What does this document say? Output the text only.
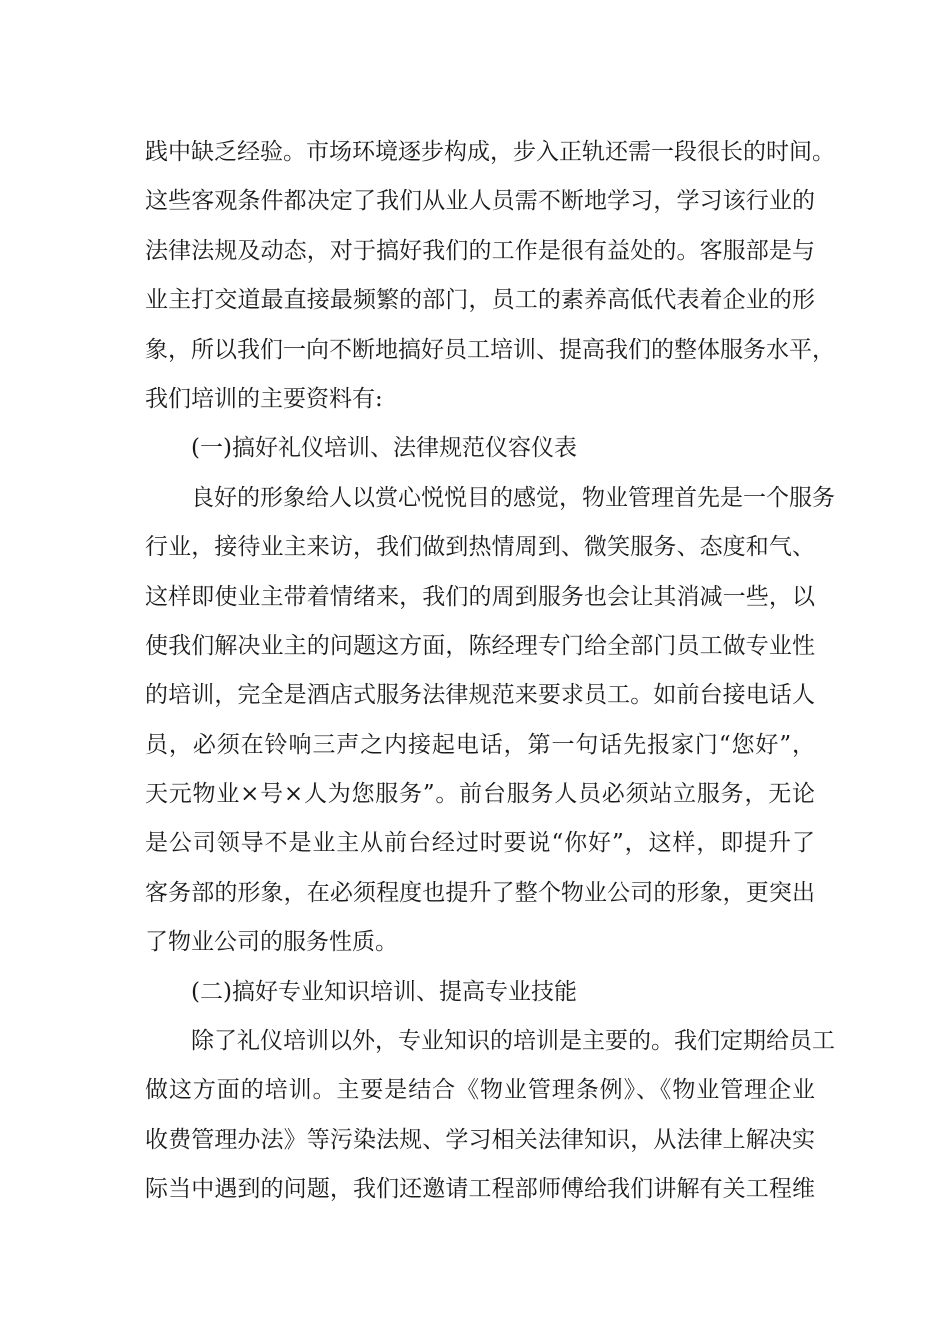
践中缺乏经验。市场环境逐步构成，步入正轨还需一段很长的时间。
这些客观条件都决定了我们从业人员需不断地学习，学习该行业的
法律法规及动态，对于搞好我们的工作是很有益处的。客服部是与
业主打交道最直接最频繁的部门，员工的素养高低代表着企业的形
象，所以我们一向不断地搞好员工培训、提高我们的整体服务水平，
我们培训的主要资料有:
(一)搞好礼仪培训、法律规范仪容仪表
良好的形象给人以赏心悦悦目的感觉，物业管理首先是一个服务
行业，接待业主来访，我们做到热情周到、微笑服务、态度和气、
这样即使业主带着情绪来，我们的周到服务也会让其消减一些，以
使我们解决业主的问题这方面，陈经理专门给全部门员工做专业性
的培训，完全是酒店式服务法律规范来要求员工。如前台接电话人
员，必须在铃响三声之内接起电话，第一句话先报家门“您好”，
天元物业×号×人为您服务”。前台服务人员必须站立服务，无论
是公司领导不是业主从前台经过时要说“你好”，这样，即提升了
客务部的形象，在必须程度也提升了整个物业公司的形象，更突出
了物业公司的服务性质。
(二)搞好专业知识培训、提高专业技能
除了礼仪培训以外，专业知识的培训是主要的。我们定期给员工
做这方面的培训。主要是结合《物业管理条例》、《物业管理企业
收费管理办法》等污染法规、学习相关法律知识，从法律上解决实
际当中遇到的问题，我们还邀请工程部师傅给我们讲解有关工程维
